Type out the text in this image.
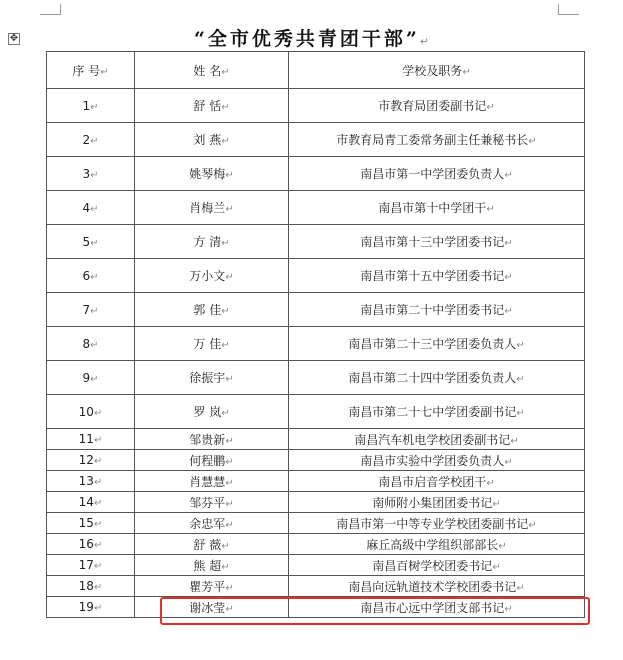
✥	“全市优秀共青团干部”↵
序 号↵	姓 名↵	学校及职务↵
1↵	舒 恬↵	市教育局团委副书记↵
2↵	刘 燕↵	市教育局青工委常务副主任兼秘书长↵
3↵	姚琴梅↵	南昌市第一中学团委负责人↵
4↵	肖梅兰↵	南昌市第十中学团干↵
5↵	方 清↵	南昌市第十三中学团委书记↵
6↵	万小文↵	南昌市第十五中学团委书记↵
7↵	郭 佳↵	南昌市第二十中学团委书记↵
8↵	万 佳↵	南昌市第二十三中学团委负责人↵
9↵	徐振宇↵	南昌市第二十四中学团委负责人↵
10↵	罗 岚↵	南昌市第二十七中学团委副书记↵
11↵	邹贵新↵	南昌汽车机电学校团委副书记↵
12↵	何程鹏↵	南昌市实验中学团委负责人↵
13↵	肖慧慧↵	南昌市启音学校团干↵
14↵	邹芬平↵	南师附小集团团委书记↵
15↵	余忠军↵	南昌市第一中等专业学校团委副书记↵
16↵	舒 薇↵	麻丘高级中学组织部部长↵
17↵	熊 超↵	南昌百树学校团委书记↵
18↵	瞿芳平↵	南昌向远轨道技术学校团委书记↵
19↵	谢冰莹↵	南昌市心远中学团支部书记↵
